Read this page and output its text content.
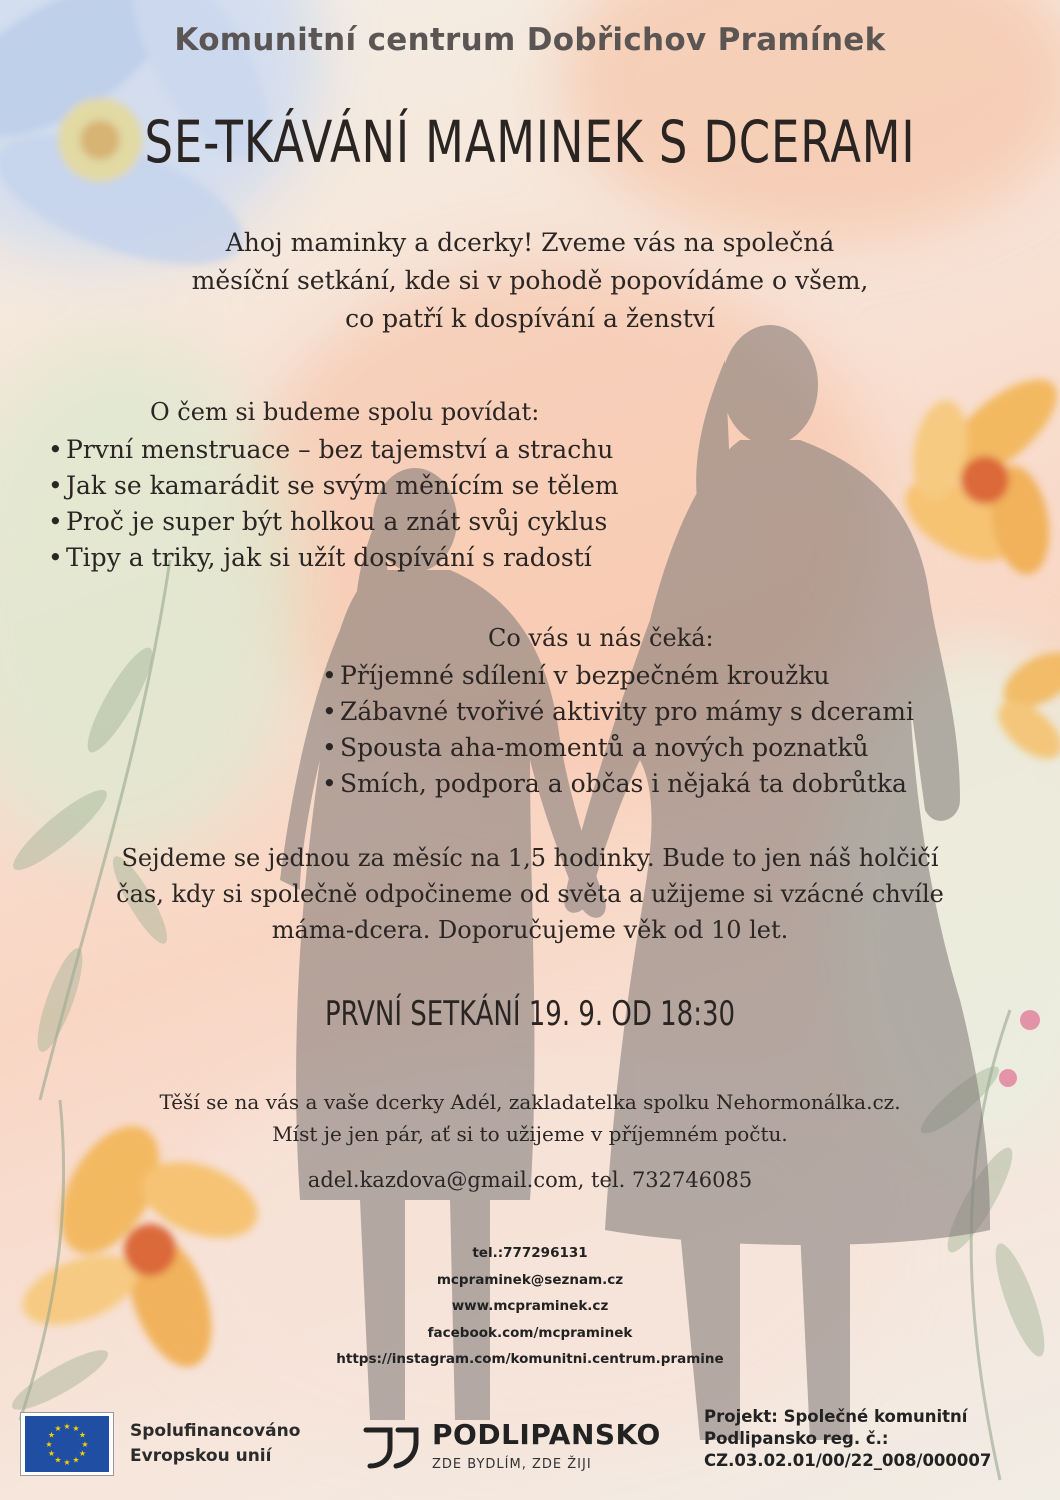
Komunitní centrum Dobřichov Pramínek
SE-TKÁVÁNÍ MAMINEK S DCERAMI
Ahoj maminky a dcerky! Zveme vás na společná
měsíční setkání, kde si v pohodě popovídáme o všem,
co patří k dospívání a ženství
O čem si budeme spolu povídat:
• První menstruace – bez tajemství a strachu
• Jak se kamarádit se svým měnícím se tělem
• Proč je super být holkou a znát svůj cyklus
• Tipy a triky, jak si užít dospívání s radostí
Co vás u nás čeká:
• Příjemné sdílení v bezpečném kroužku
• Zábavné tvořivé aktivity pro mámy s dcerami
• Spousta aha-momentů a nových poznatků
• Smích, podpora a občas i nějaká ta dobrůtka
Sejdeme se jednou za měsíc na 1,5 hodinky. Bude to jen náš holčičí
čas, kdy si společně odpočineme od světa a užijeme si vzácné chvíle
máma-dcera. Doporučujeme věk od 10 let.
PRVNÍ SETKÁNÍ 19. 9. OD 18:30
Těší se na vás a vaše dcerky Adél, zakladatelka spolku Nehormonálka.cz.
Míst je jen pár, ať si to užijeme v příjemném počtu.
adel.kazdova@gmail.com, tel. 732746085
tel.:777296131
mcpraminek@seznam.cz
www.mcpraminek.cz
facebook.com/mcpraminek
https://instagram.com/komunitni.centrum.pramine
★ ★
★
★
★
★
★
★
★
★
★
★	Spolufinancováno
Evropskou unií
PODLIPANSKO
ZDE BYDLÍM, ZDE ŽIJI
Projekt: Společné komunitní
Podlipansko reg. č.:
CZ.03.02.01/00/22_008/000007
